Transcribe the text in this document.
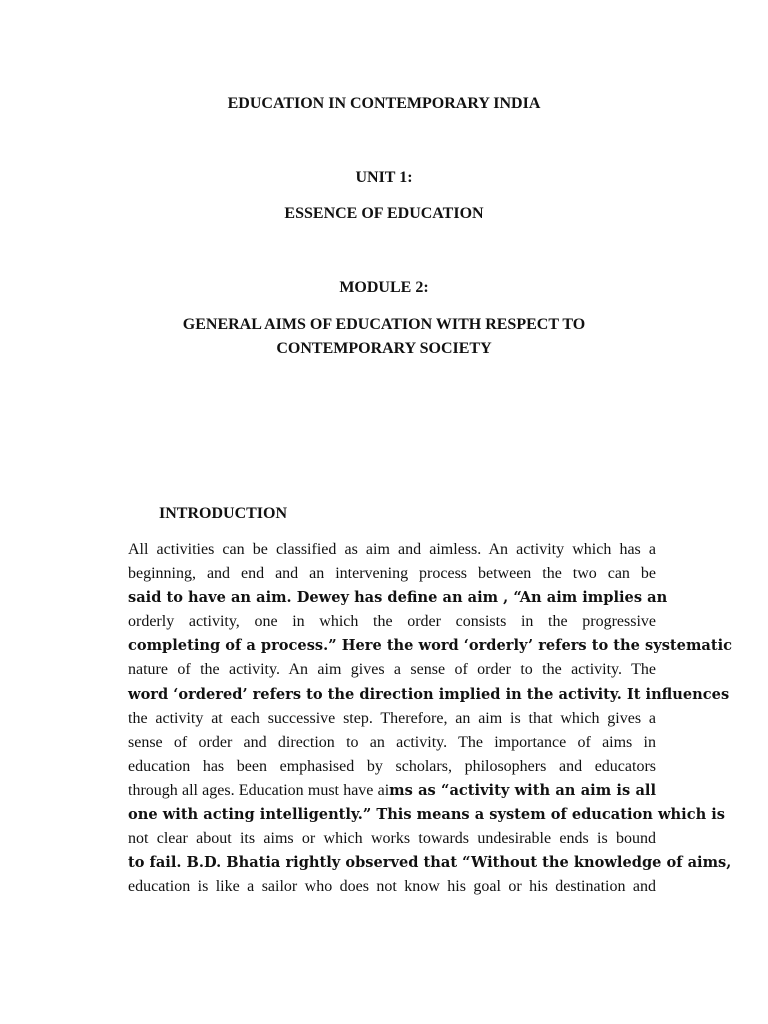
EDUCATION IN CONTEMPORARY INDIA
UNIT 1:
ESSENCE OF EDUCATION
MODULE 2:
GENERAL AIMS OF EDUCATION WITH RESPECT TO
CONTEMPORARY SOCIETY
INTRODUCTION
All activities can be classified as aim and aimless. An activity which has a
beginning, and end and an intervening process between the two can be
said to have an aim. Dewey has define an aim , “An aim implies an
orderly activity, one in which the order consists in the progressive
completing of a process.” Here the word ‘orderly’ refers to the systematic
nature of the activity. An aim gives a sense of order to the activity. The
word ‘ordered’ refers to the direction implied in the activity. It influences
the activity at each successive step. Therefore, an aim is that which gives a
sense of order and direction to an activity. The importance of aims in
education has been emphasised by scholars, philosophers and educators
through all ages. Education must have aims as “activity with an aim is all
one with acting intelligently.” This means a system of education which is
not clear about its aims or which works towards undesirable ends is bound
to fail. B.D. Bhatia rightly observed that “Without the knowledge of aims,
education is like a sailor who does not know his goal or his destination and
